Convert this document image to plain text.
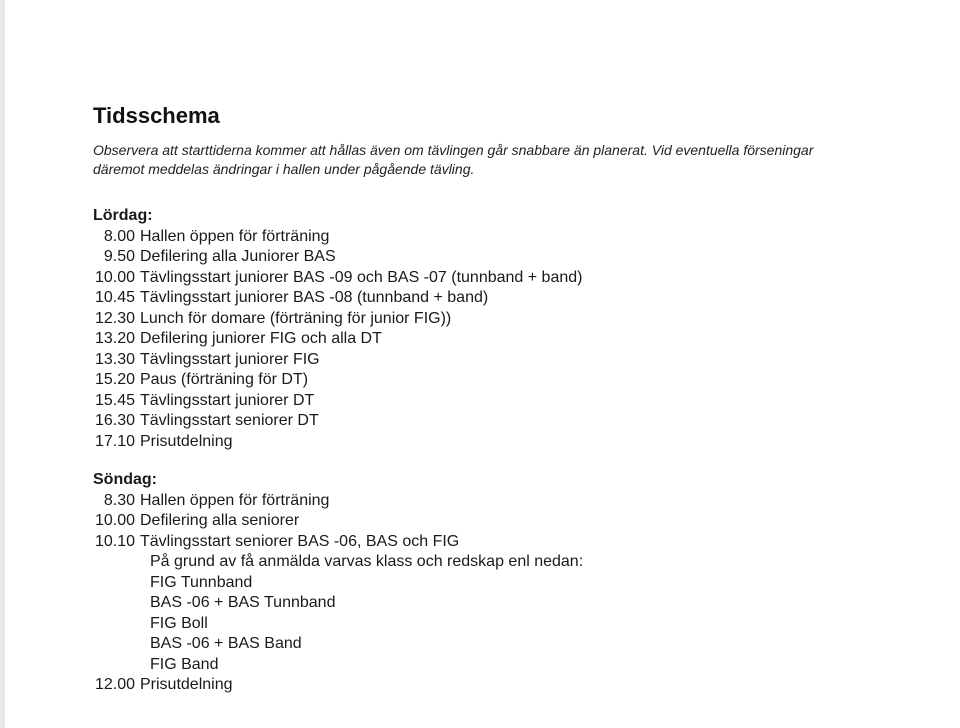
Tidsschema

Observera att starttiderna kommer att hållas även om tävlingen går snabbare än planerat. Vid eventuella förseningar
däremot meddelas ändringar i hallen under pågående tävling.

Lördag:
8.00 Hallen öppen för förträning
9.50 Defilering alla Juniorer BAS
10.00 Tävlingsstart juniorer BAS -09 och BAS -07 (tunnband + band)
10.45 Tävlingsstart juniorer BAS -08 (tunnband + band)
12.30 Lunch för domare (förträning för junior FIG))
13.20 Defilering juniorer FIG och alla DT
13.30 Tävlingsstart juniorer FIG
15.20 Paus (förträning för DT)
15.45 Tävlingsstart juniorer DT
16.30 Tävlingsstart seniorer DT
17.10 Prisutdelning
Söndag:
8.30 Hallen öppen för förträning
10.00 Defilering alla seniorer
10.10 Tävlingsstart seniorer BAS -06, BAS och FIG
På grund av få anmälda varvas klass och redskap enl nedan:
FIG Tunnband
BAS -06 + BAS Tunnband
FIG Boll
BAS -06 + BAS Band
FIG Band
12.00 Prisutdelning
